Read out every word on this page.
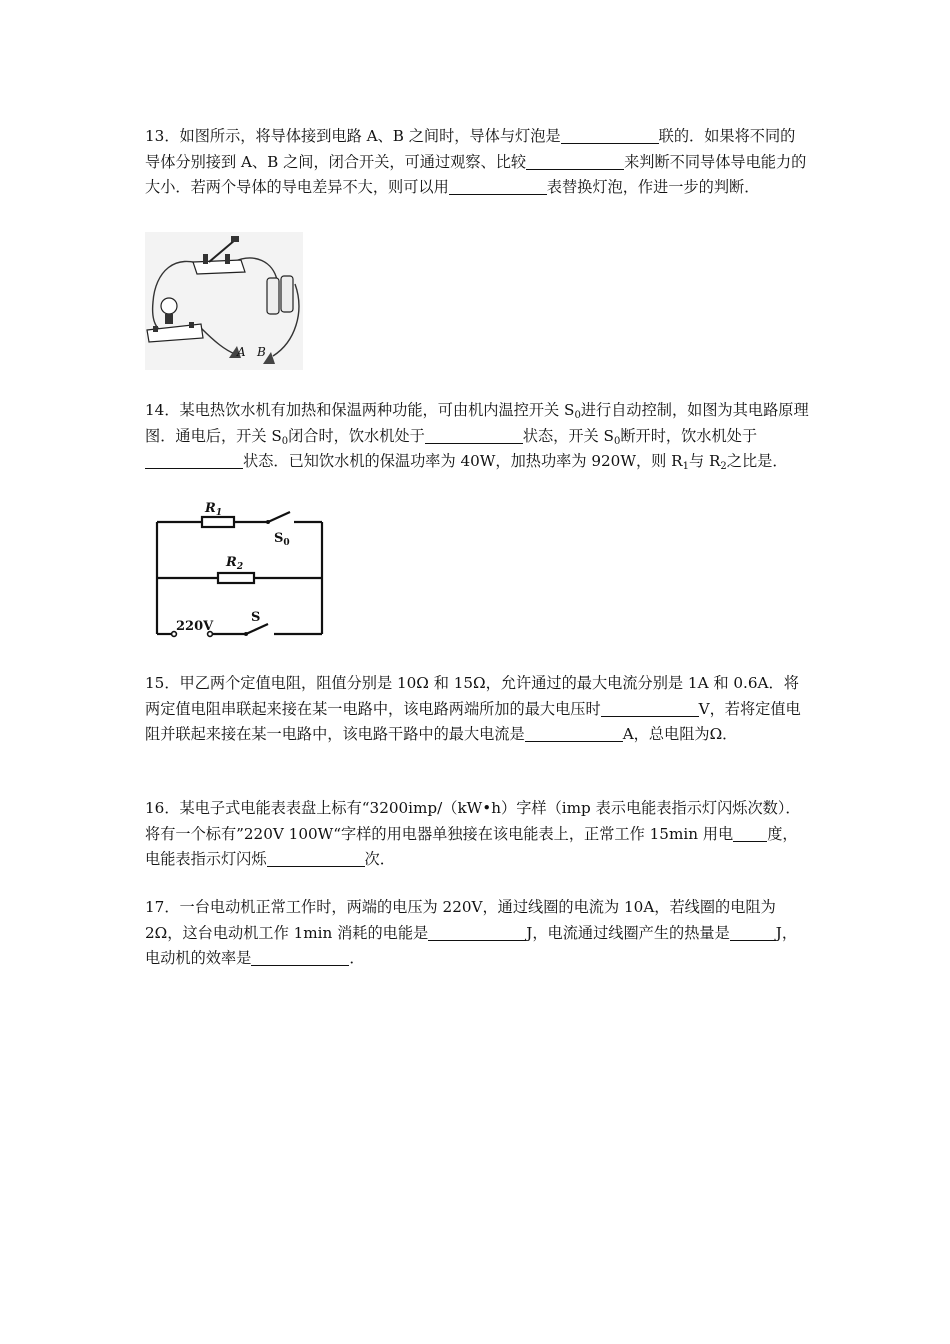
13．如图所示，将导体接到电路 A、B 之间时，导体与灯泡是	联的．如果将不同的导体分别接到 A、B 之间，闭合开关，可通过观察、比较	来判断不同导体导电能力的大小．若两个导体的导电差异不大，则可以用	表替换灯泡，作进一步的判断．
A B
14．某电热饮水机有加热和保温两种功能，可由机内温控开关 $S_0$进行自动控制，如图为其电路原理图．通电后，开关 $S_0$闭合时，饮水机处于	状态，开关 $S_0$断开时，饮水机处于状态．已知饮水机的保温功率为 40W，加热功率为 920W，则 $R_1$与 $R_2$之比是．
$R_1$
$S_0$
$R_2$
S
220V
15．甲乙两个定值电阻，阻值分别是 10Ω 和 15Ω，允许通过的最大电流分别是 1A 和 0.6A．将两定值电阻串联起来接在某一电路中，该电路两端所加的最大电压时	V，若将定值电阻并联起来接在某一电路中，该电路干路中的最大电流是	A，总电阻为Ω．
16．某电子式电能表表盘上标有“3200imp/（kW•h）字样（imp 表示电能表指示灯闪烁次数）．将有一个标有”220V 100W“字样的用电器单独接在该电能表上，正常工作 15min 用电 度，电能表指示灯闪烁	次．
17．一台电动机正常工作时，两端的电压为 220V，通过线圈的电流为 10A，若线圈的电阻为 2Ω，这台电动机工作 1min 消耗的电能是	J，电流通过线圈产生的热量是	J，电动机的效率是	．
